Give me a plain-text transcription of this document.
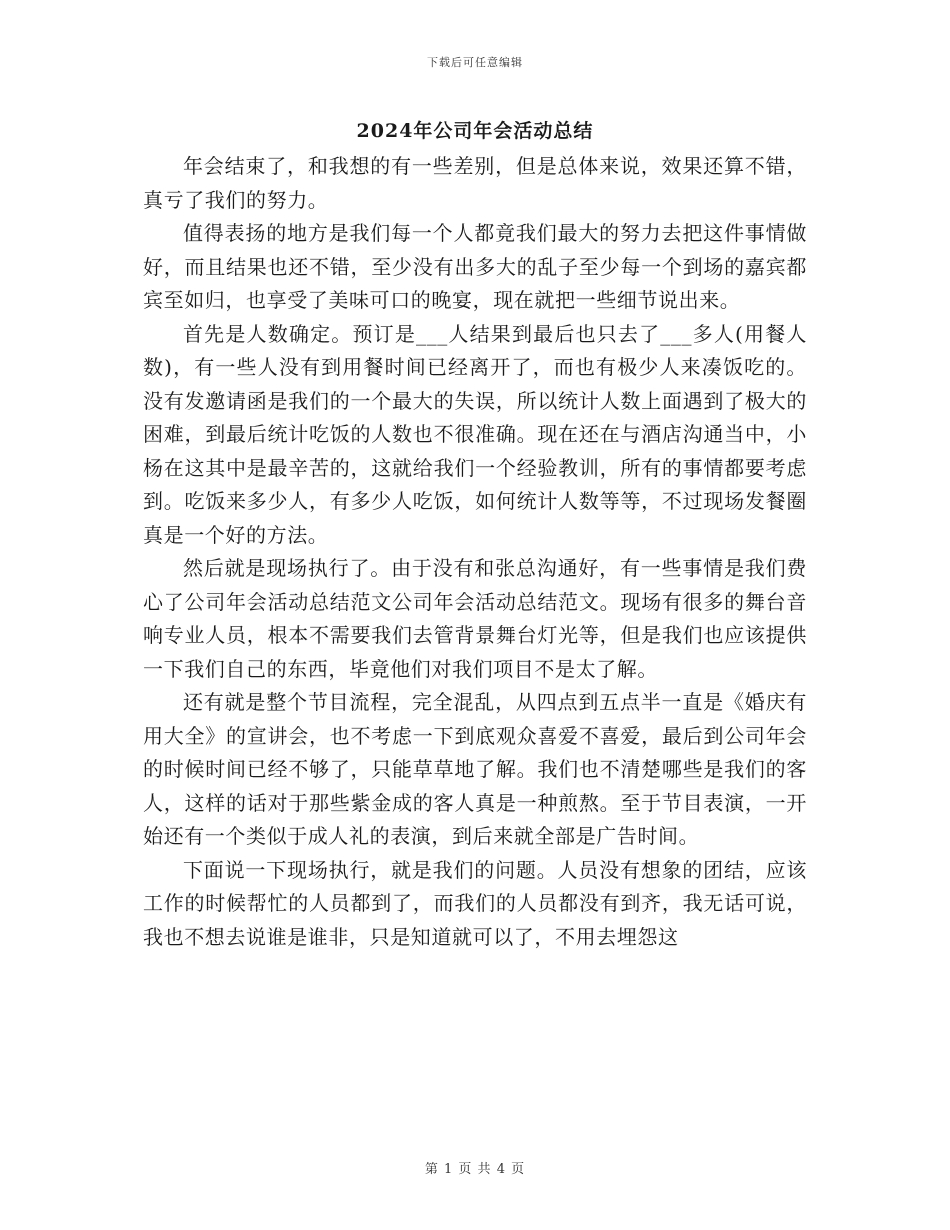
下载后可任意编辑
2024年公司年会活动总结

年会结束了，和我想的有一些差别，但是总体来说，效果还算不错，真亏了我们的努力。

值得表扬的地方是我们每一个人都竟我们最大的努力去把这件事情做好，而且结果也还不错，至少没有出多大的乱子至少每一个到场的嘉宾都宾至如归，也享受了美味可口的晚宴，现在就把一些细节说出来。

首先是人数确定。预订是___人结果到最后也只去了___多人(用餐人数)，有一些人没有到用餐时间已经离开了，而也有极少人来凑饭吃的。没有发邀请函是我们的一个最大的失误，所以统计人数上面遇到了极大的困难，到最后统计吃饭的人数也不很准确。现在还在与酒店沟通当中，小杨在这其中是最辛苦的，这就给我们一个经验教训，所有的事情都要考虑到。吃饭来多少人，有多少人吃饭，如何统计人数等等，不过现场发餐圈真是一个好的方法。

然后就是现场执行了。由于没有和张总沟通好，有一些事情是我们费心了公司年会活动总结范文公司年会活动总结范文。现场有很多的舞台音响专业人员，根本不需要我们去管背景舞台灯光等，但是我们也应该提供一下我们自己的东西，毕竟他们对我们项目不是太了解。

还有就是整个节目流程，完全混乱，从四点到五点半一直是《婚庆有用大全》的宣讲会，也不考虑一下到底观众喜爱不喜爱，最后到公司年会的时候时间已经不够了，只能草草地了解。我们也不清楚哪些是我们的客人，这样的话对于那些紫金成的客人真是一种煎熬。至于节目表演，一开始还有一个类似于成人礼的表演，到后来就全部是广告时间。

下面说一下现场执行，就是我们的问题。人员没有想象的团结，应该工作的时候帮忙的人员都到了，而我们的人员都没有到齐，我无话可说，我也不想去说谁是谁非，只是知道就可以了，不用去埋怨这

第 1 页 共 4 页
